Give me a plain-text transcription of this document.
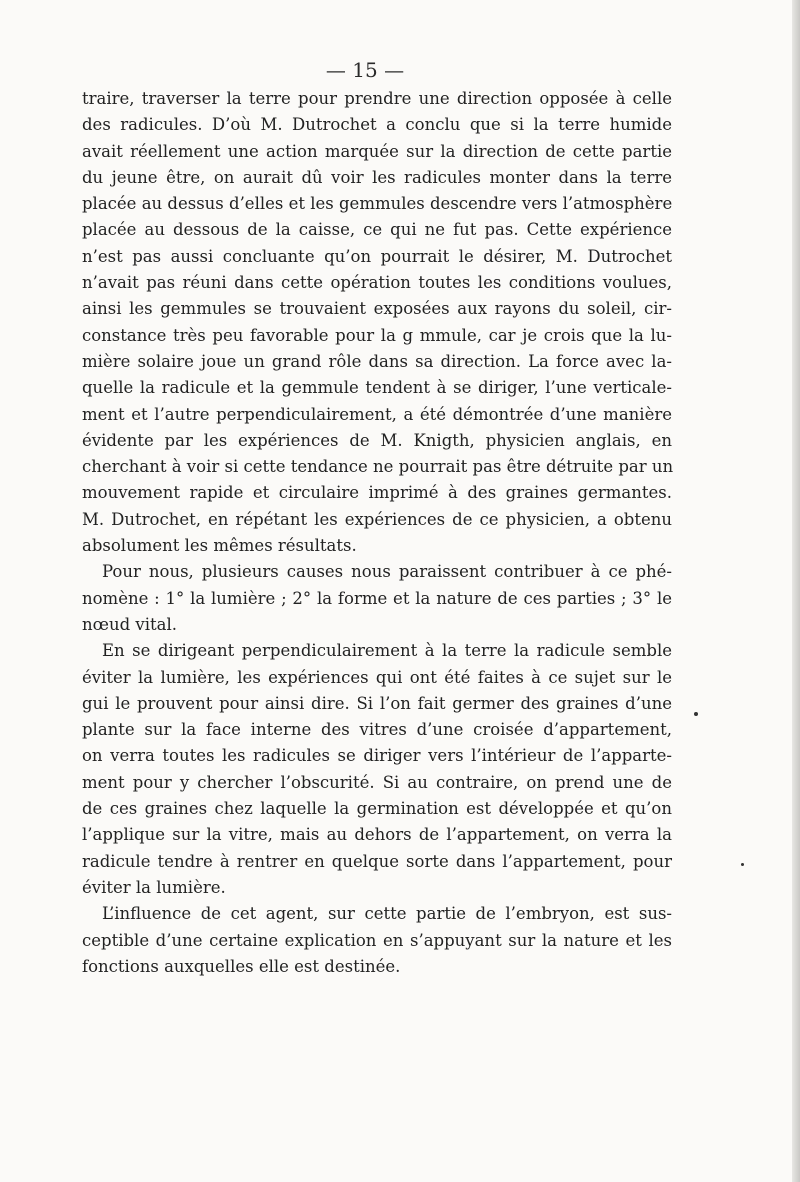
— 15 —
traire, traverser la terre pour prendre une direction opposée à celle
des radicules. D’où M. Dutrochet a conclu que si la terre humide
avait réellement une action marquée sur la direction de cette partie
du jeune être, on aurait dû voir les radicules monter dans la terre
placée au dessus d’elles et les gemmules descendre vers l’atmosphère
placée au dessous de la caisse, ce qui ne fut pas. Cette expérience
n’est pas aussi concluante qu’on pourrait le désirer, M. Dutrochet
n’avait pas réuni dans cette opération toutes les conditions voulues,
ainsi les gemmules se trouvaient exposées aux rayons du soleil, cir-
constance très peu favorable pour la g mmule, car je crois que la lu-
mière solaire joue un grand rôle dans sa direction. La force avec la-
quelle la radicule et la gemmule tendent à se diriger, l’une verticale-
ment et l’autre perpendiculairement, a été démontrée d’une manière
évidente par les expériences de M. Knigth, physicien anglais, en
cherchant à voir si cette tendance ne pourrait pas être détruite par un
mouvement rapide et circulaire imprimé à des graines germantes.
M. Dutrochet, en répétant les expériences de ce physicien, a obtenu
absolument les mêmes résultats.
Pour nous, plusieurs causes nous paraissent contribuer à ce phé-
nomène : 1° la lumière ; 2° la forme et la nature de ces parties ; 3° le
nœud vital.
En se dirigeant perpendiculairement à la terre la radicule semble
éviter la lumière, les expériences qui ont été faites à ce sujet sur le
gui le prouvent pour ainsi dire. Si l’on fait germer des graines d’une
plante sur la face interne des vitres d’une croisée d’appartement,
on verra toutes les radicules se diriger vers l’intérieur de l’apparte-
ment pour y chercher l’obscurité. Si au contraire, on prend une de
de ces graines chez laquelle la germination est développée et qu’on
l’applique sur la vitre, mais au dehors de l’appartement, on verra la
radicule tendre à rentrer en quelque sorte dans l’appartement, pour
éviter la lumière.
L’influence de cet agent, sur cette partie de l’embryon, est sus-
ceptible d’une certaine explication en s’appuyant sur la nature et les
fonctions auxquelles elle est destinée.
